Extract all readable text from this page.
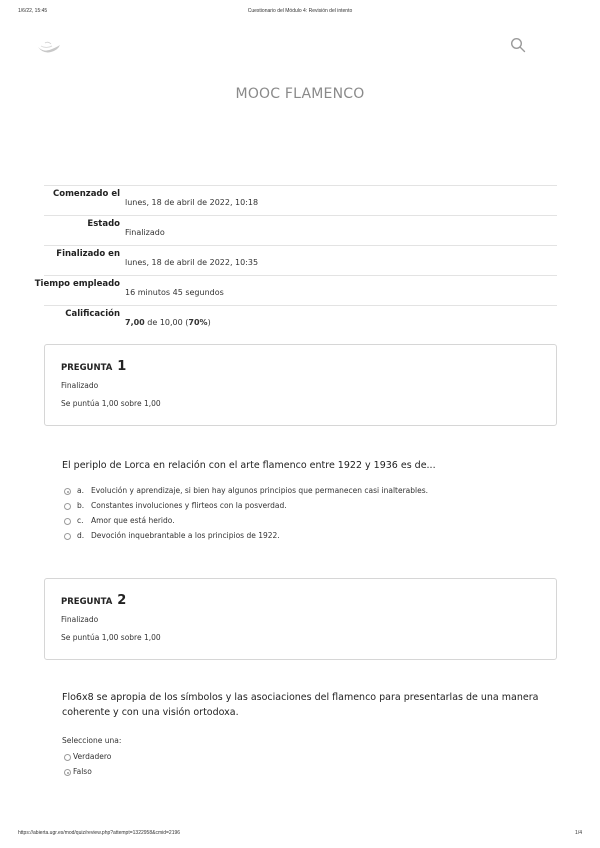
1/6/22, 15:45	Cuestionario del Módulo 4: Revisión del intento
MOOC FLAMENCO
Comenzado el
lunes, 18 de abril de 2022, 10:18
Estado
Finalizado
Finalizado en
lunes, 18 de abril de 2022, 10:35
Tiempo empleado
16 minutos 45 segundos
Calificación
7,00 de 10,00 (70%)
PREGUNTA 1
Finalizado
Se puntúa 1,00 sobre 1,00
El periplo de Lorca en relación con el arte flamenco entre 1922 y 1936 es de...
a. Evolución y aprendizaje, si bien hay algunos principios que permanecen casi inalterables.
b. Constantes involuciones y flirteos con la posverdad.
c. Amor que está herido.
d. Devoción inquebrantable a los principios de 1922.
PREGUNTA 2
Finalizado
Se puntúa 1,00 sobre 1,00
Flo6x8 se apropia de los símbolos y las asociaciones del flamenco para presentarlas de una manera coherente y con una visión ortodoxa.
Seleccione una:
Verdadero
Falso
https://abierta.ugr.es/mod/quiz/review.php?attempt=1322958&cmid=2196	1/4
